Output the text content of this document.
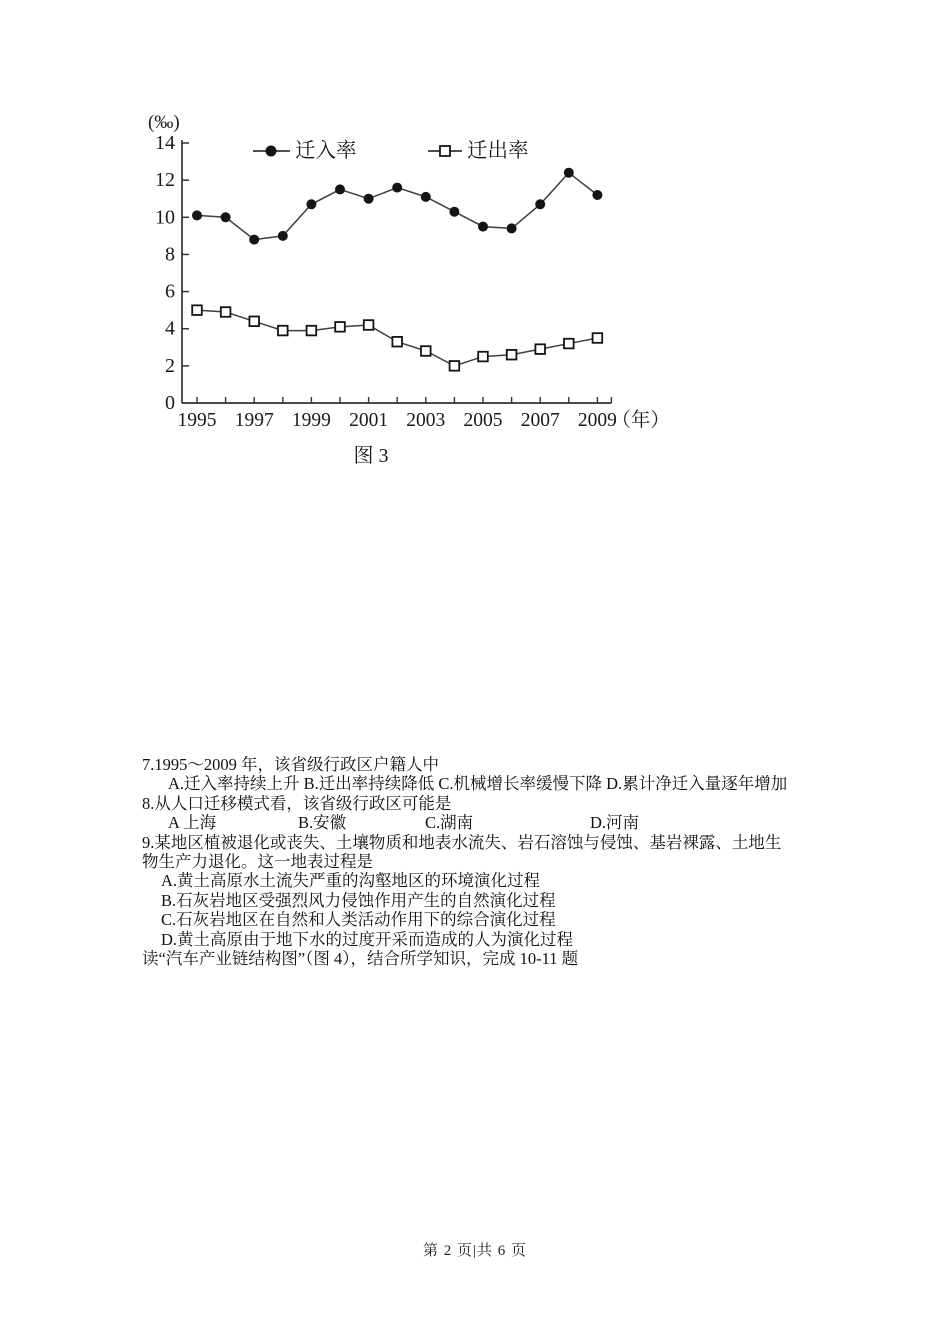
0
2
4
6
8
10
12
14
1995 1997 1999 2001 2003 2005 2007 2009
（年）
(‰)
迁入率	迁出率
图 3
7.1995～2009 年，该省级行政区户籍人中
A.迁入率持续上升 B.迁出率持续降低 C.机械增长率缓慢下降 D.累计净迁入量逐年增加
8.从人口迁移模式看，该省级行政区可能是
A 上海	B.安徽	C.湖南	D.河南
9.某地区植被退化或丧失、土壤物质和地表水流失、岩石溶蚀与侵蚀、基岩裸露、土地生
物生产力退化。这一地表过程是
A.黄土高原水土流失严重的沟壑地区的环境演化过程
B.石灰岩地区受强烈风力侵蚀作用产生的自然演化过程
C.石灰岩地区在自然和人类活动作用下的综合演化过程
D.黄土高原由于地下水的过度开采而造成的人为演化过程
读“汽车产业链结构图”（图 4），结合所学知识，完成 10-11 题
第 2 页|共 6 页
